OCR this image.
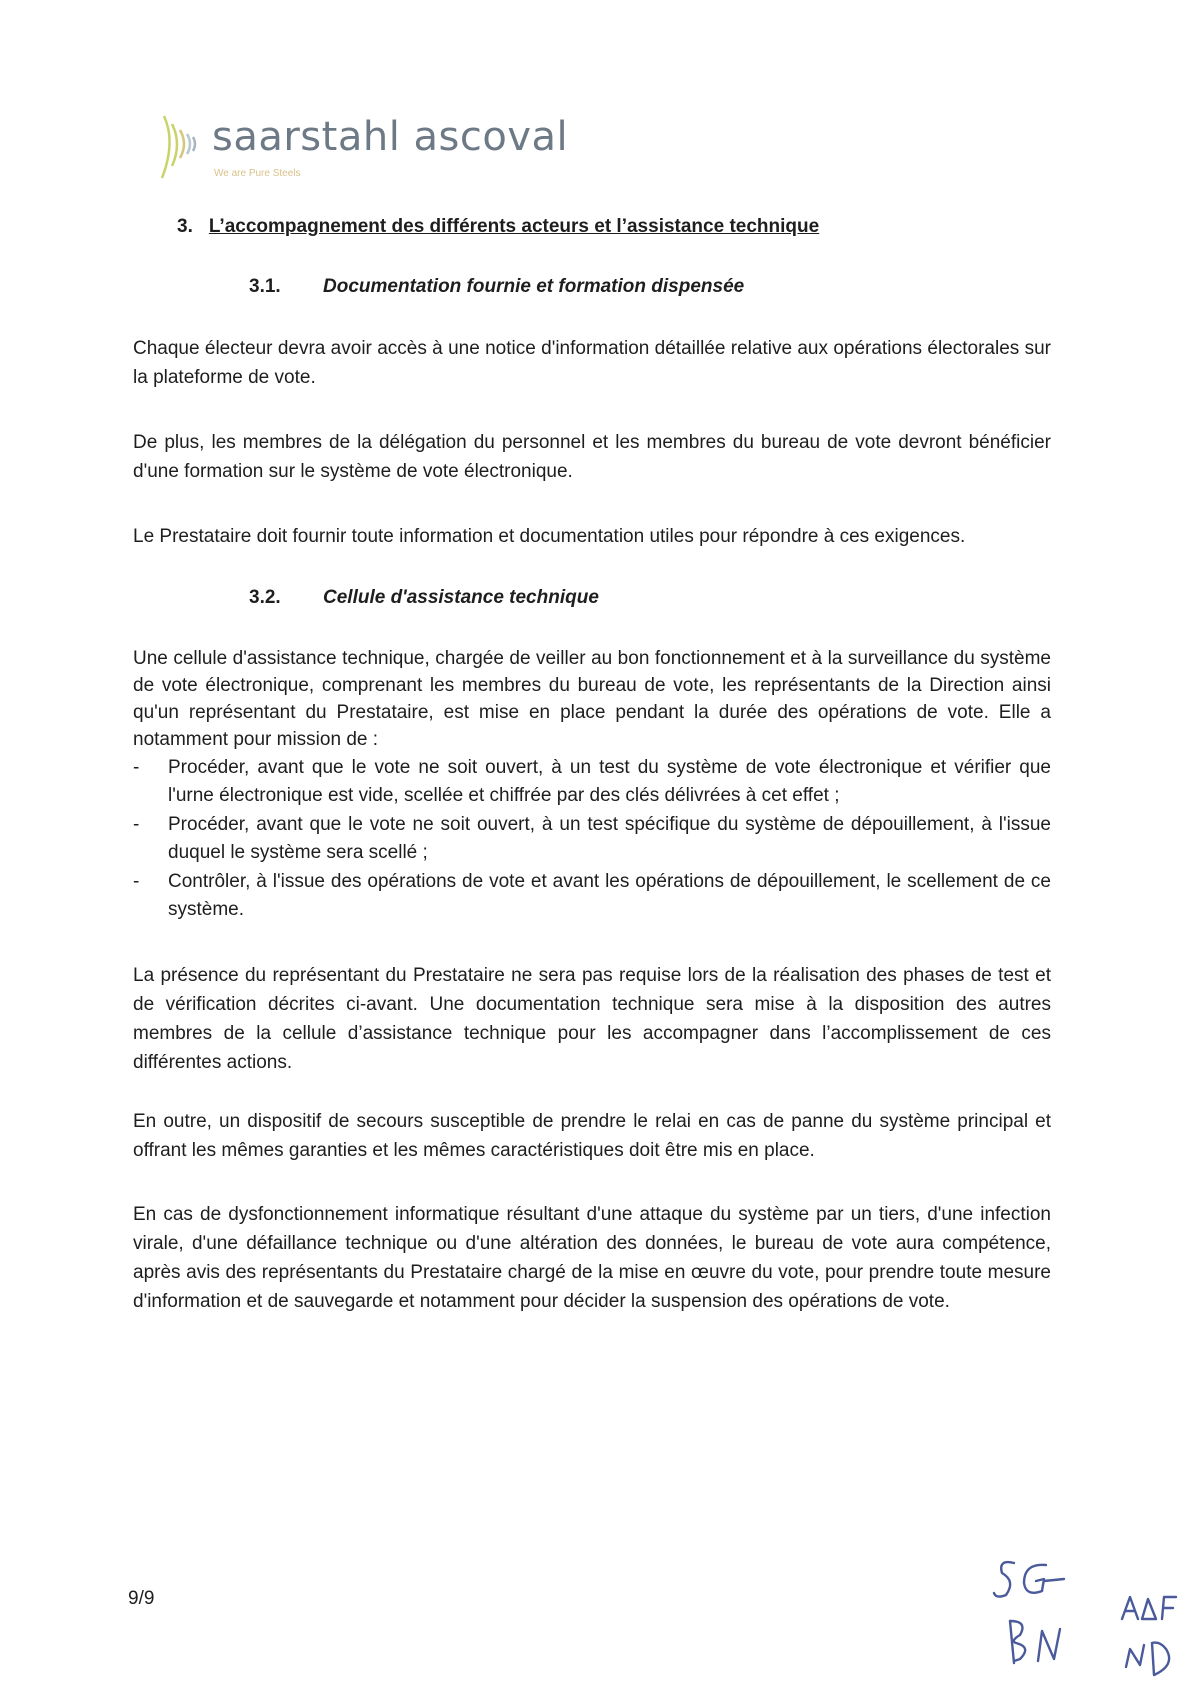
saarstahl ascoval
We are Pure Steels
3. L’accompagnement des différents acteurs et l’assistance technique
3.1. Documentation fournie et formation dispensée

Chaque électeur devra avoir accès à une notice d'information détaillée relative aux opérations électorales sur la plateforme de vote.

De plus, les membres de la délégation du personnel et les membres du bureau de vote devront bénéficier d'une formation sur le système de vote électronique.

Le Prestataire doit fournir toute information et documentation utiles pour répondre à ces exigences.

3.2. Cellule d'assistance technique

Une cellule d'assistance technique, chargée de veiller au bon fonctionnement et à la surveillance du système de vote électronique, comprenant les membres du bureau de vote, les représentants de la Direction ainsi qu'un représentant du Prestataire, est mise en place pendant la durée des opérations de vote. Elle a notamment pour mission de :

- Procéder, avant que le vote ne soit ouvert, à un test du système de vote électronique et vérifier que l'urne électronique est vide, scellée et chiffrée par des clés délivrées à cet effet ;
- Procéder, avant que le vote ne soit ouvert, à un test spécifique du système de dépouillement, à l'issue duquel le système sera scellé ;
- Contrôler, à l'issue des opérations de vote et avant les opérations de dépouillement, le scellement de ce système.

La présence du représentant du Prestataire ne sera pas requise lors de la réalisation des phases de test et de vérification décrites ci-avant. Une documentation technique sera mise à la disposition des autres membres de la cellule d’assistance technique pour les accompagner dans l’accomplissement de ces différentes actions.

En outre, un dispositif de secours susceptible de prendre le relai en cas de panne du système principal et offrant les mêmes garanties et les mêmes caractéristiques doit être mis en place.

En cas de dysfonctionnement informatique résultant d'une attaque du système par un tiers, d'une infection virale, d'une défaillance technique ou d'une altération des données, le bureau de vote aura compétence, après avis des représentants du Prestataire chargé de la mise en œuvre du vote, pour prendre toute mesure d'information et de sauvegarde et notamment pour décider la suspension des opérations de vote.

9/9
